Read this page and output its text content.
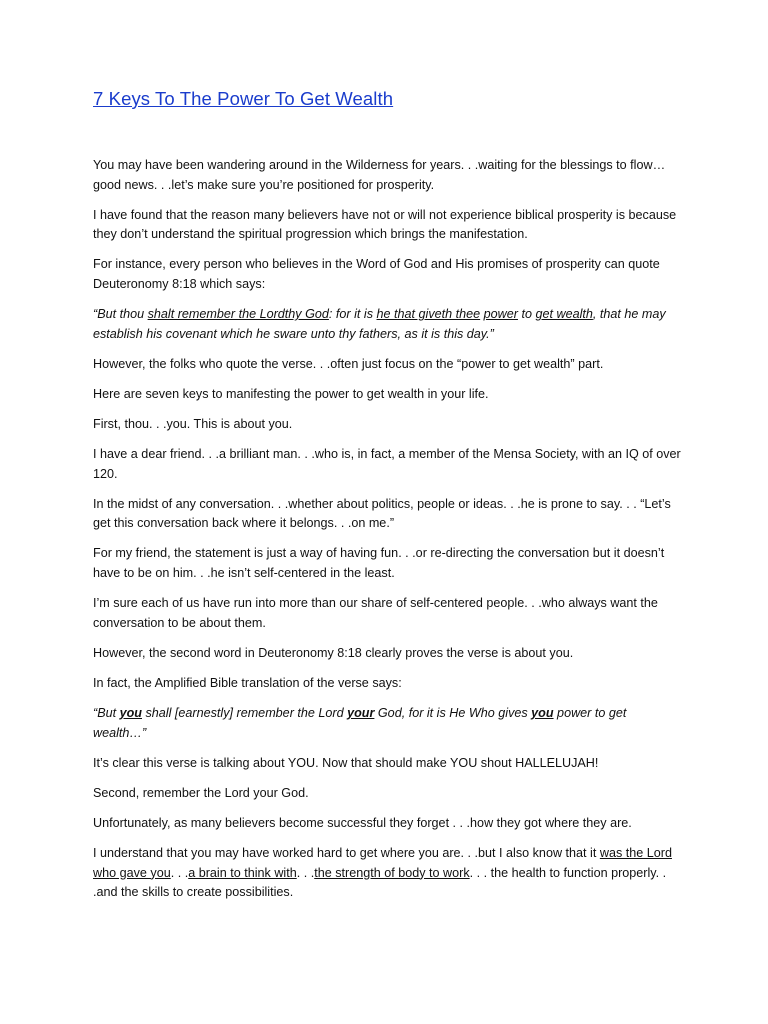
7 Keys To The Power To Get Wealth

You may have been wandering around in the Wilderness for years. . .waiting for the blessings to flow…good news. . .let’s make sure you’re positioned for prosperity.

I have found that the reason many believers have not or will not experience biblical prosperity is because they don’t understand the spiritual progression which brings the manifestation.

For instance, every person who believes in the Word of God and His promises of prosperity can quote Deuteronomy 8:18 which says:

“But thou shalt remember the Lordthy God: for it is he that giveth thee power to get wealth, that he may establish his covenant which he sware unto thy fathers, as it is this day.”

However, the folks who quote the verse. . .often just focus on the “power to get wealth” part.

Here are seven keys to manifesting the power to get wealth in your life.

First, thou. . .you. This is about you.

I have a dear friend. . .a brilliant man. . .who is, in fact, a member of the Mensa Society, with an IQ of over 120.

In the midst of any conversation. . .whether about politics, people or ideas. . .he is prone to say. . . “Let’s get this conversation back where it belongs. . .on me.”

For my friend, the statement is just a way of having fun. . .or re-directing the conversation but it doesn’t have to be on him. . .he isn’t self-centered in the least.

I’m sure each of us have run into more than our share of self-centered people. . .who always want the conversation to be about them.

However, the second word in Deuteronomy 8:18 clearly proves the verse is about you.

In fact, the Amplified Bible translation of the verse says:

“But you shall [earnestly] remember the Lord your God, for it is He Who gives you power to get wealth…”

It’s clear this verse is talking about YOU. Now that should make YOU shout HALLELUJAH!

Second, remember the Lord your God.

Unfortunately, as many believers become successful they forget . . .how they got where they are.

I understand that you may have worked hard to get where you are. . .but I also know that it was the Lord who gave you. . .a brain to think with. . .the strength of body to work. . . the health to function properly. . .and the skills to create possibilities.
